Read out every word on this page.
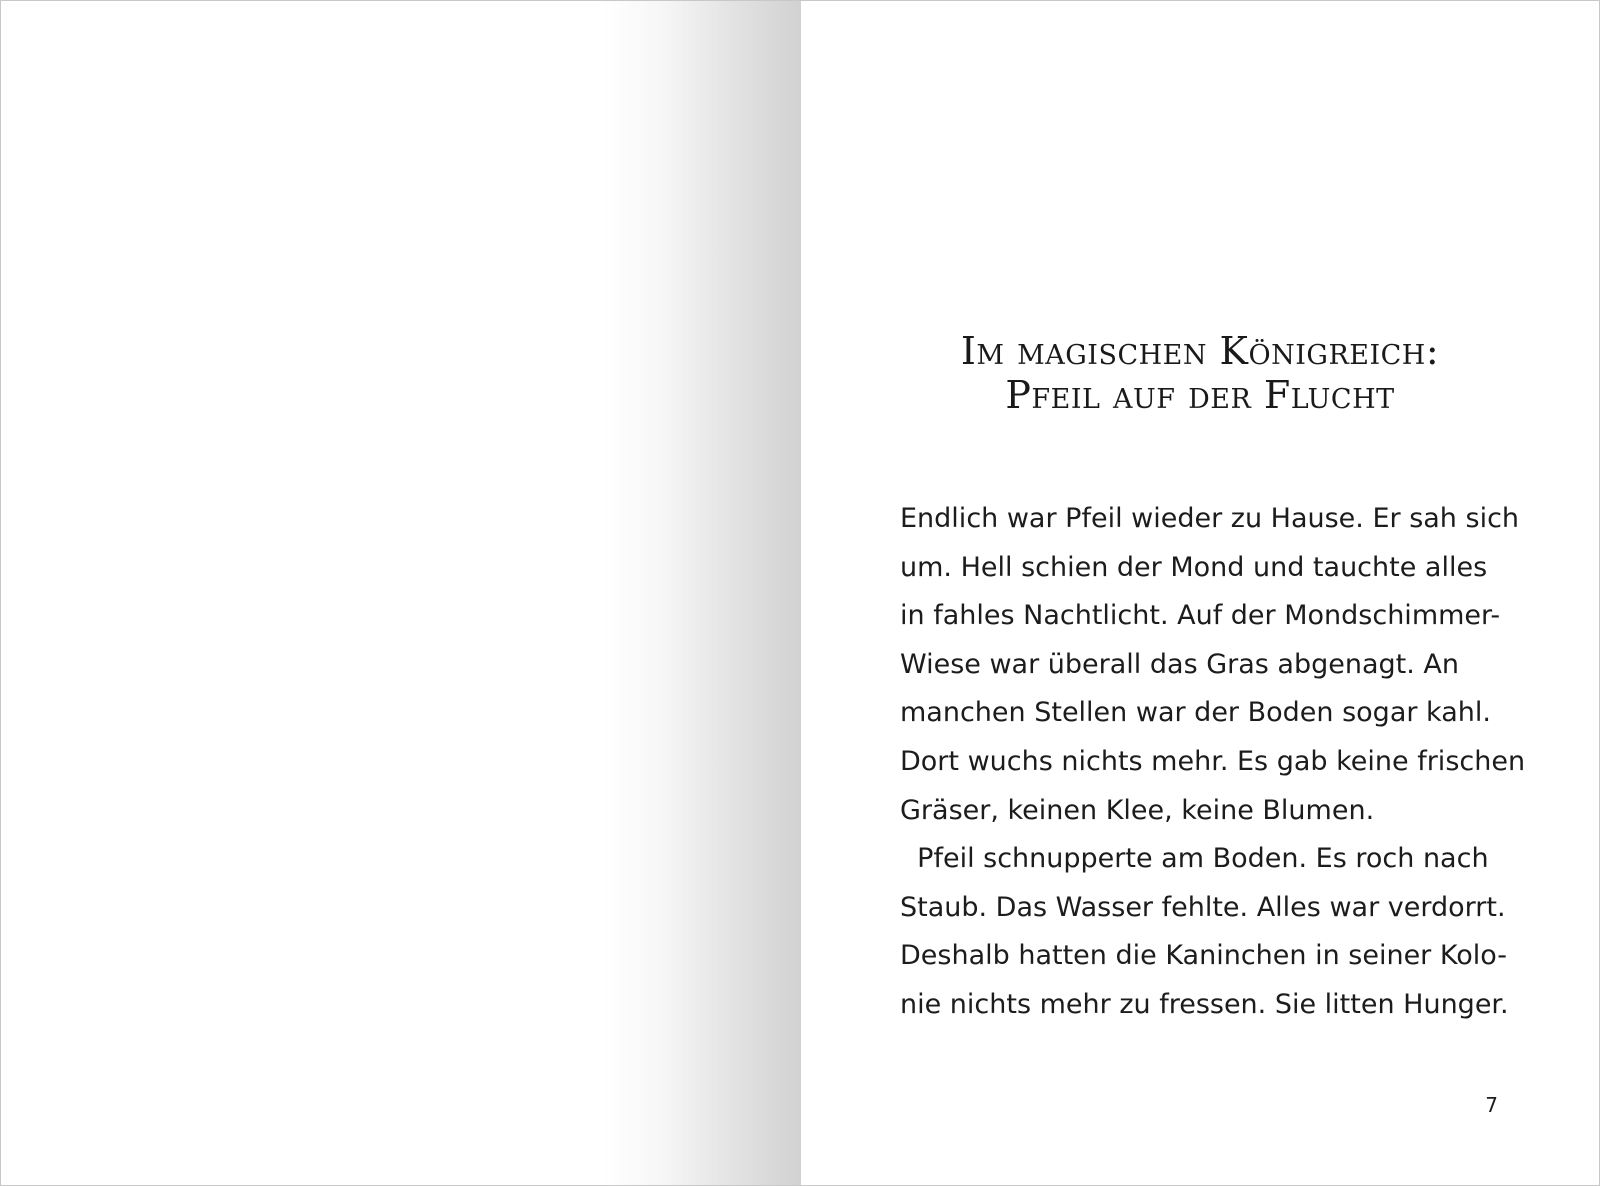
Im magischen Königreich:
Pfeil auf der Flucht
Endlich war Pfeil wieder zu Hause. Er sah sich
um. Hell schien der Mond und tauchte alles
in fahles Nachtlicht. Auf der Mondschimmer-
Wiese war überall das Gras abgenagt. An
manchen Stellen war der Boden sogar kahl.
Dort wuchs nichts mehr. Es gab keine frischen
Gräser, keinen Klee, keine Blumen.
Pfeil schnupperte am Boden. Es roch nach
Staub. Das Wasser fehlte. Alles war verdorrt.
Deshalb hatten die Kaninchen in seiner Kolo-
nie nichts mehr zu fressen. Sie litten Hunger.
7
